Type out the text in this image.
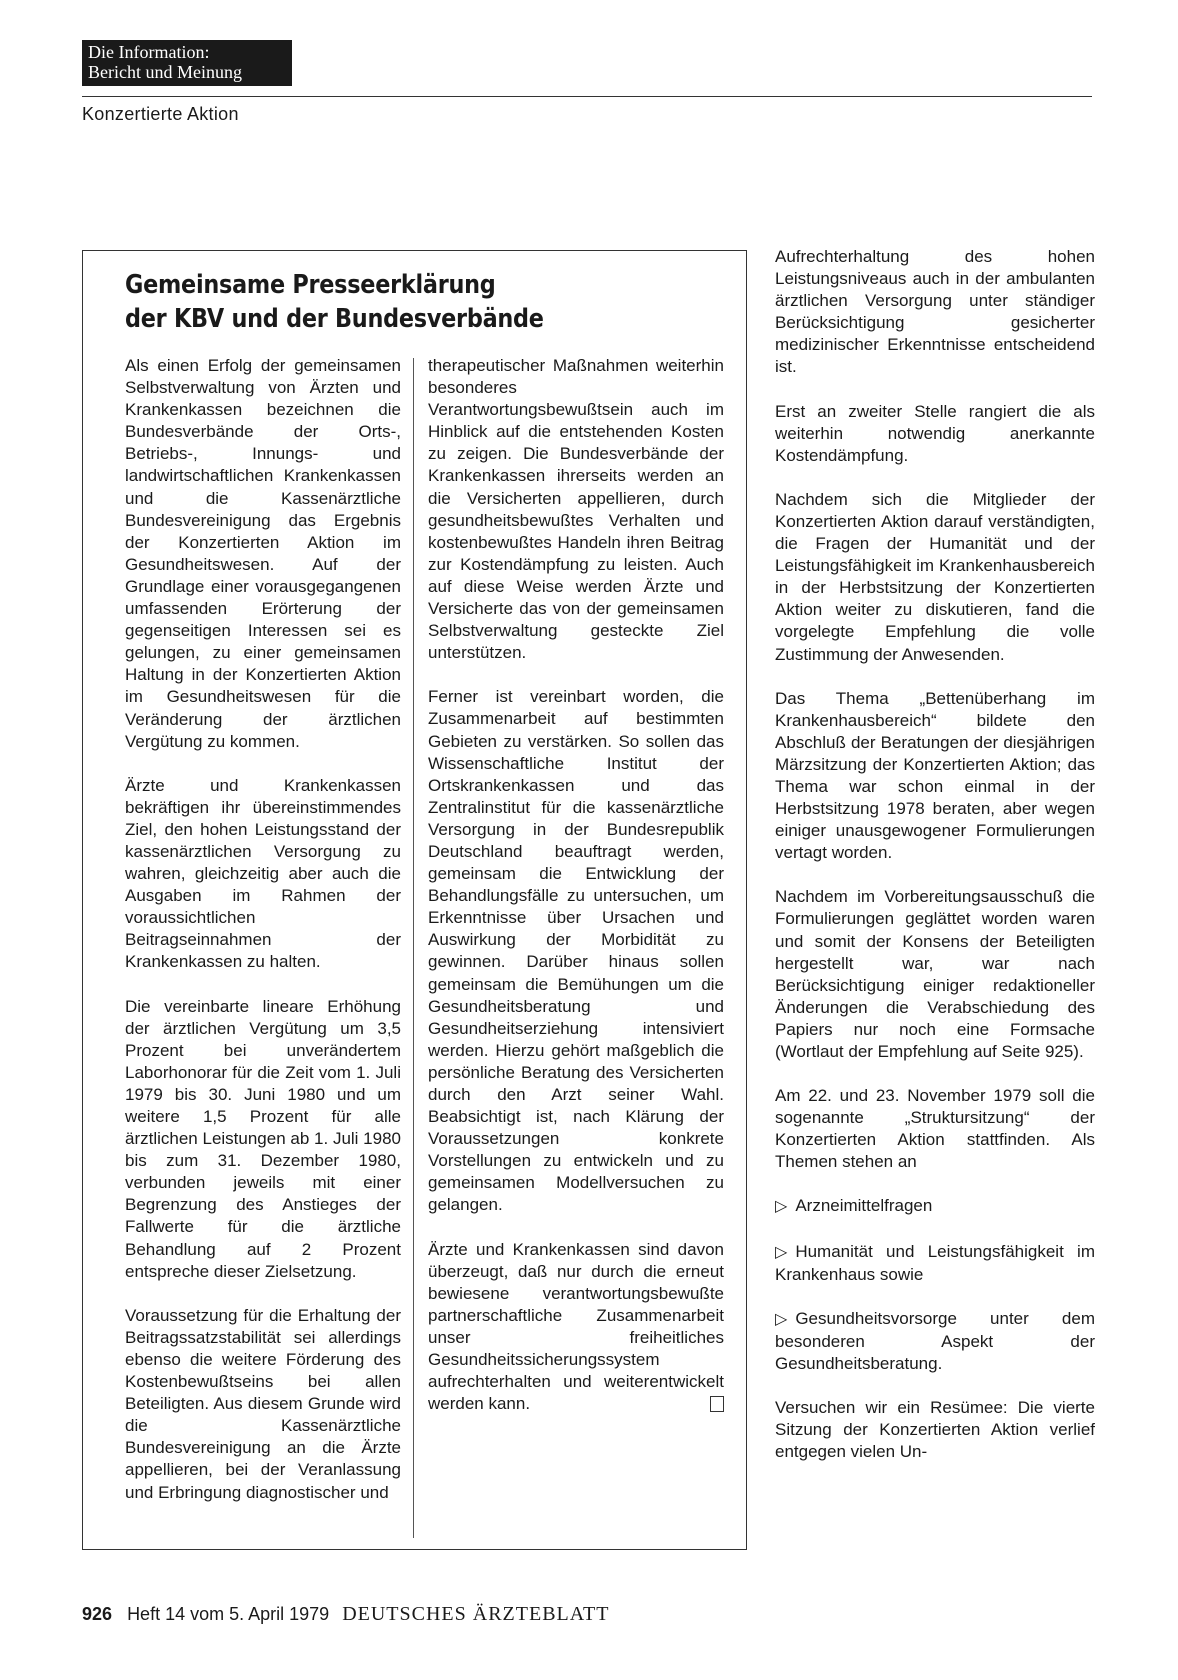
Die Information:
Bericht und Meinung
Konzertierte Aktion
Gemeinsame Presseerklärung
der KBV und der Bundesverbände

Als einen Erfolg der gemeinsamen Selbstverwaltung von Ärzten und Krankenkassen bezeichnen die Bundesverbände der Orts-, Betriebs-, Innungs- und landwirtschaftlichen Krankenkassen und die Kassenärztliche Bundesvereinigung das Ergebnis der Konzertierten Aktion im Gesundheitswesen. Auf der Grundlage einer vorausgegangenen umfassenden Erörterung der gegenseitigen Interessen sei es gelungen, zu einer gemeinsamen Haltung in der Konzertierten Aktion im Gesundheitswesen für die Veränderung der ärztlichen Vergütung zu kommen.

Ärzte und Krankenkassen bekräftigen ihr übereinstimmendes Ziel, den hohen Leistungsstand der kassenärztlichen Versorgung zu wahren, gleichzeitig aber auch die Ausgaben im Rahmen der voraussichtlichen Beitragseinnahmen der Krankenkassen zu halten.

Die vereinbarte lineare Erhöhung der ärztlichen Vergütung um 3,5 Prozent bei unverändertem Laborhonorar für die Zeit vom 1. Juli 1979 bis 30. Juni 1980 und um weitere 1,5 Prozent für alle ärztlichen Leistungen ab 1. Juli 1980 bis zum 31. Dezember 1980, verbunden jeweils mit einer Begrenzung des Anstieges der Fallwerte für die ärztliche Behandlung auf 2 Prozent entspreche dieser Zielsetzung.

Voraussetzung für die Erhaltung der Beitragssatzstabilität sei allerdings ebenso die weitere Förderung des Kostenbewußtseins bei allen Beteiligten. Aus diesem Grunde wird die Kassenärztliche Bundesvereinigung an die Ärzte appellieren, bei der Veranlassung und Erbringung diagnostischer und

therapeutischer Maßnahmen weiterhin besonderes Verantwortungsbewußtsein auch im Hinblick auf die entstehenden Kosten zu zeigen. Die Bundesverbände der Krankenkassen ihrerseits werden an die Versicherten appellieren, durch gesundheitsbewußtes Verhalten und kostenbewußtes Handeln ihren Beitrag zur Kostendämpfung zu leisten. Auch auf diese Weise werden Ärzte und Versicherte das von der gemeinsamen Selbstverwaltung gesteckte Ziel unterstützen.

Ferner ist vereinbart worden, die Zusammenarbeit auf bestimmten Gebieten zu verstärken. So sollen das Wissenschaftliche Institut der Ortskrankenkassen und das Zentralinstitut für die kassenärztliche Versorgung in der Bundesrepublik Deutschland beauftragt werden, gemeinsam die Entwicklung der Behandlungsfälle zu untersuchen, um Erkenntnisse über Ursachen und Auswirkung der Morbidität zu gewinnen. Darüber hinaus sollen gemeinsam die Bemühungen um die Gesundheitsberatung und Gesundheitserziehung intensiviert werden. Hierzu gehört maßgeblich die persönliche Beratung des Versicherten durch den Arzt seiner Wahl. Beabsichtigt ist, nach Klärung der Voraussetzungen konkrete Vorstellungen zu entwickeln und zu gemeinsamen Modellversuchen zu gelangen.

Ärzte und Krankenkassen sind davon überzeugt, daß nur durch die erneut bewiesene verantwortungsbewußte partnerschaftliche Zusammenarbeit unser freiheitliches Gesundheitssicherungssystem aufrechterhalten und weiterentwickelt werden kann.

Aufrechterhaltung des hohen Leistungsniveaus auch in der ambulanten ärztlichen Versorgung unter ständiger Berücksichtigung gesicherter medizinischer Erkenntnisse entscheidend ist.

Erst an zweiter Stelle rangiert die als weiterhin notwendig anerkannte Kostendämpfung.

Nachdem sich die Mitglieder der Konzertierten Aktion darauf verständigten, die Fragen der Humanität und der Leistungsfähigkeit im Krankenhausbereich in der Herbstsitzung der Konzertierten Aktion weiter zu diskutieren, fand die vorgelegte Empfehlung die volle Zustimmung der Anwesenden.

Das Thema „Bettenüberhang im Krankenhausbereich“ bildete den Abschluß der Beratungen der diesjährigen Märzsitzung der Konzertierten Aktion; das Thema war schon einmal in der Herbstsitzung 1978 beraten, aber wegen einiger unausgewogener Formulierungen vertagt worden.

Nachdem im Vorbereitungsausschuß die Formulierungen geglättet worden waren und somit der Konsens der Beteiligten hergestellt war, war nach Berücksichtigung einiger redaktioneller Änderungen die Verabschiedung des Papiers nur noch eine Formsache (Wortlaut der Empfehlung auf Seite 925).

Am 22. und 23. November 1979 soll die sogenannte „Struktursitzung“ der Konzertierten Aktion stattfinden. Als Themen stehen an

▷ Arzneimittelfragen

▷ Humanität und Leistungsfähigkeit im Krankenhaus sowie

▷ Gesundheitsvorsorge unter dem besonderen Aspekt der Gesundheitsberatung.

Versuchen wir ein Resümee: Die vierte Sitzung der Konzertierten Aktion verlief entgegen vielen Un-

926 Heft 14 vom 5. April 1979 DEUTSCHES ÄRZTEBLATT
